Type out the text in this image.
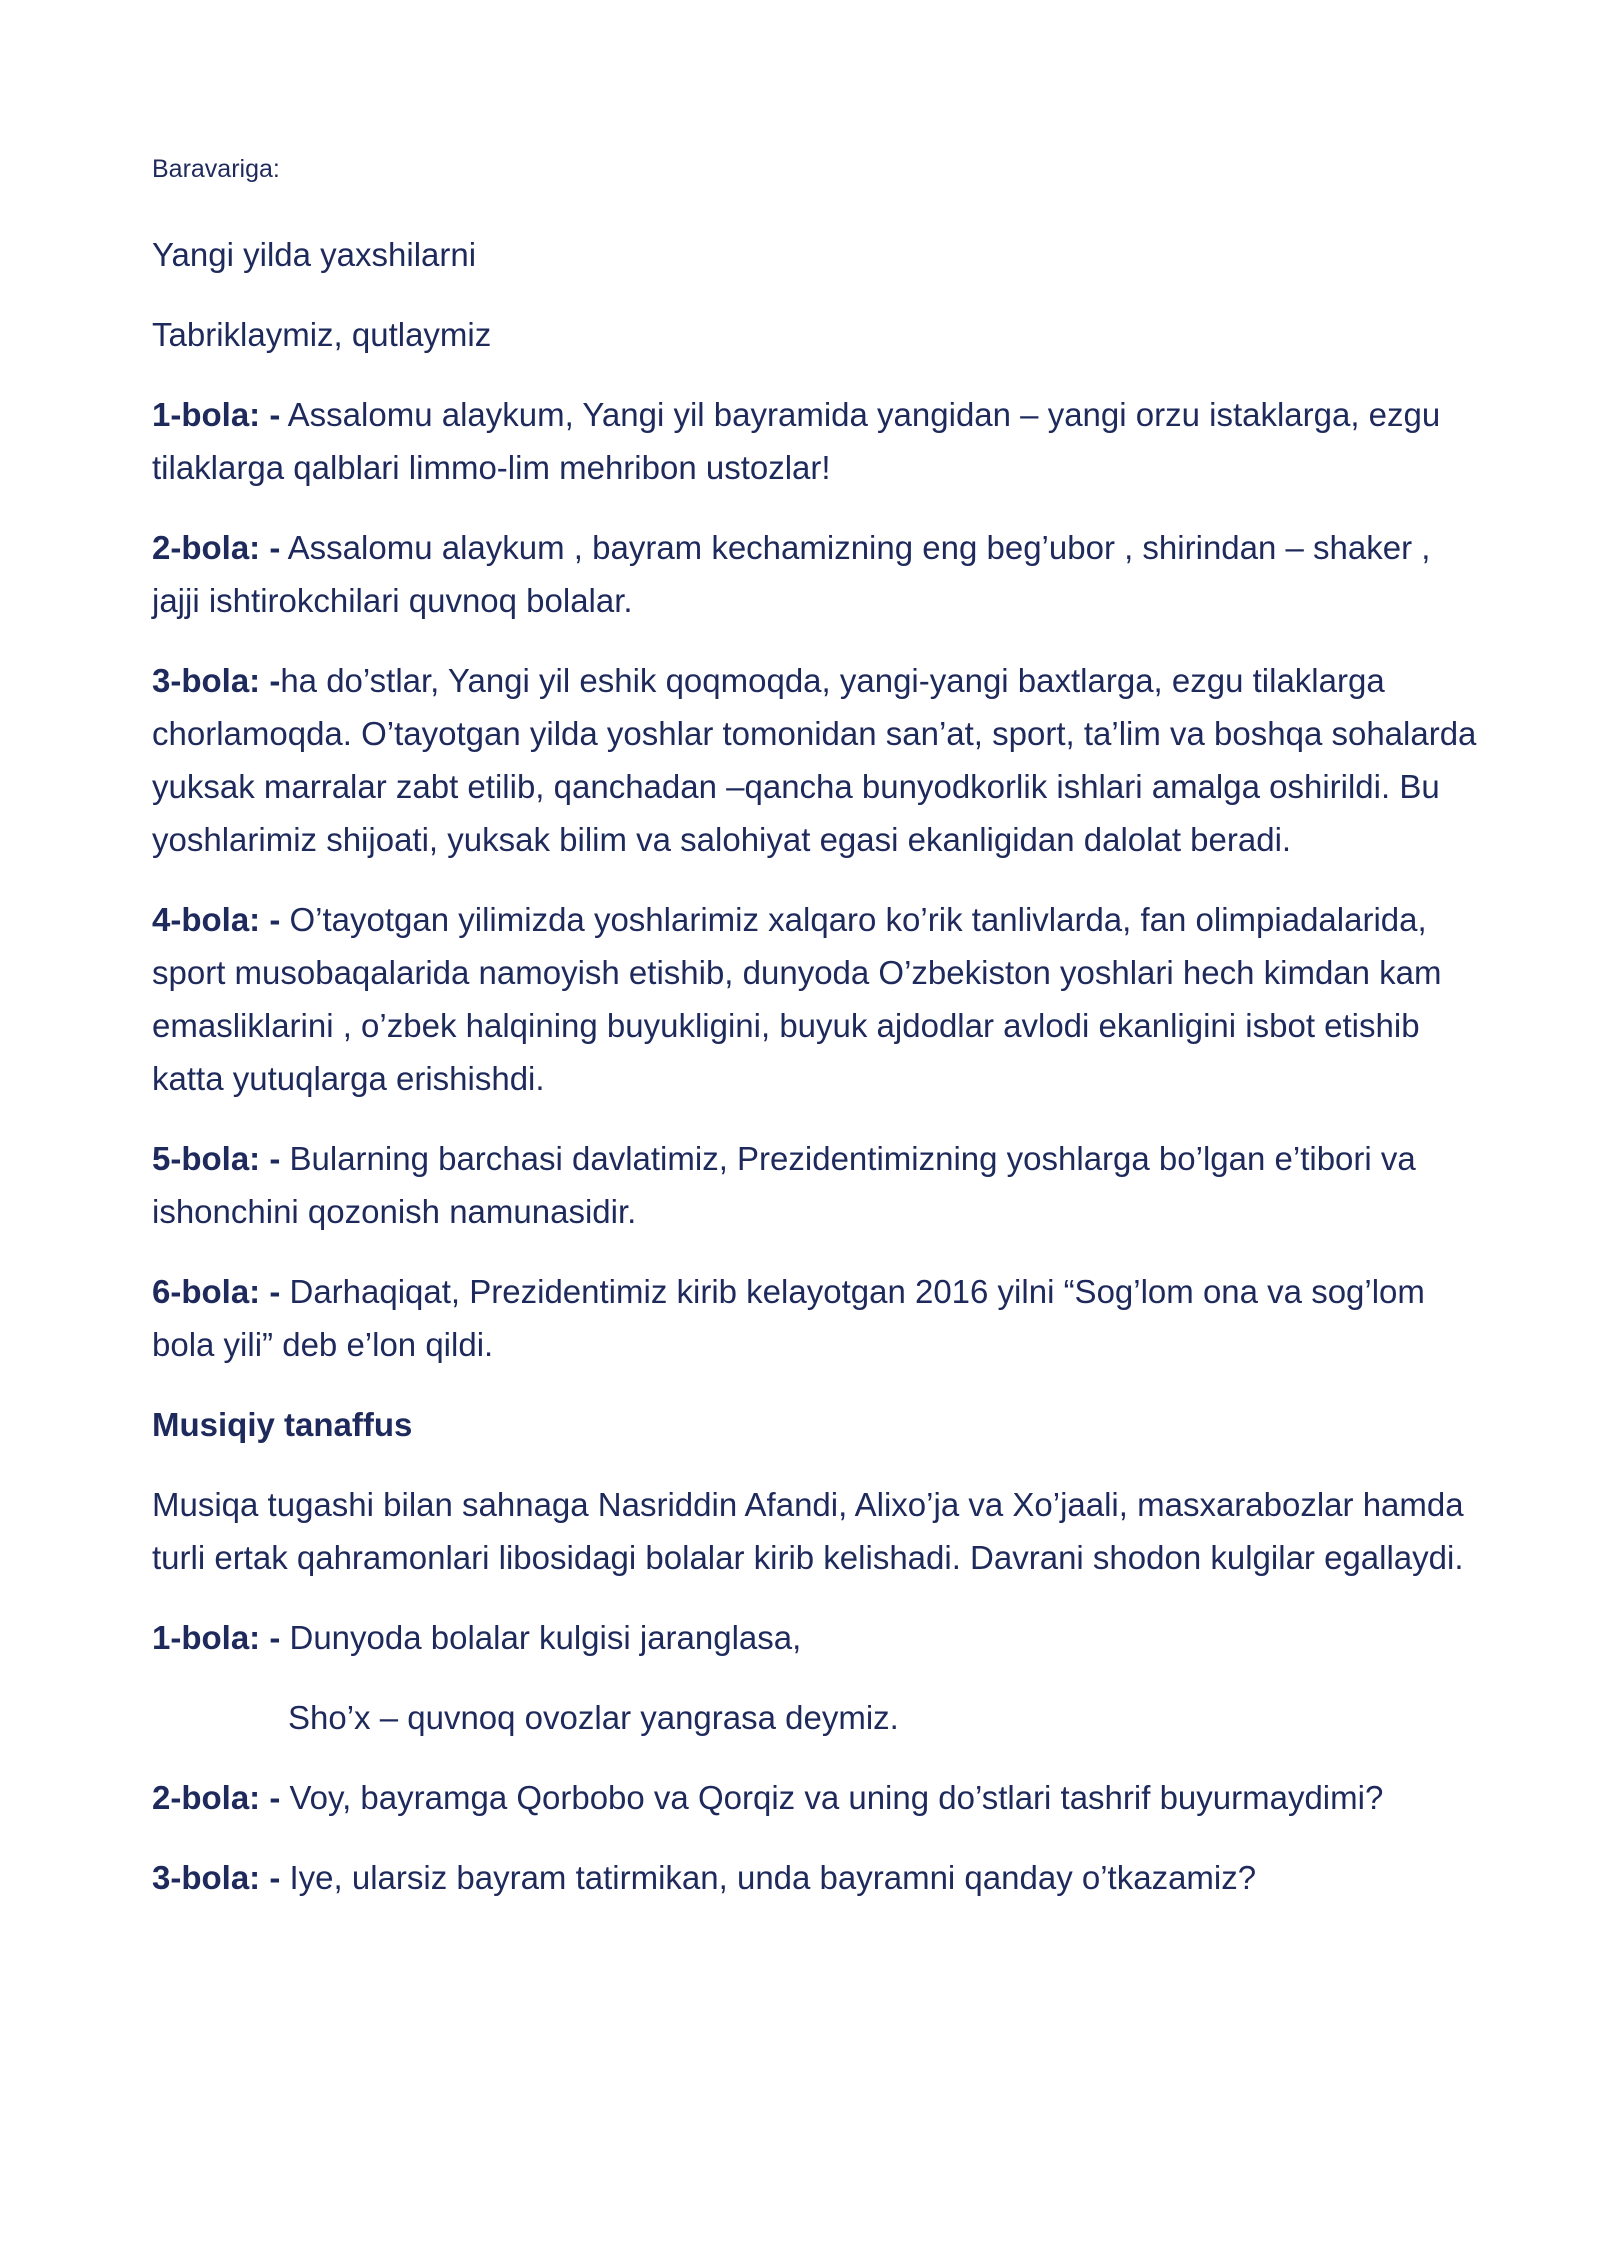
Baravariga:

Yangi yilda yaxshilarni

Tabriklaymiz, qutlaymiz

1-bola: - Assalomu alaykum, Yangi yil bayramida yangidan – yangi orzu istaklarga, ezgu tilaklarga qalblari limmo-lim mehribon ustozlar!

2-bola: - Assalomu alaykum , bayram kechamizning eng beg’ubor , shirindan – shaker , jajji ishtirokchilari quvnoq bolalar.

3-bola: -ha do’stlar, Yangi yil eshik qoqmoqda, yangi-yangi baxtlarga, ezgu tilaklarga chorlamoqda. O’tayotgan yilda yoshlar tomonidan san’at, sport, ta’lim va boshqa sohalarda yuksak marralar zabt etilib, qanchadan –qancha bunyodkorlik ishlari amalga oshirildi. Bu yoshlarimiz shijoati, yuksak bilim va salohiyat egasi ekanligidan dalolat beradi.

4-bola: - O’tayotgan yilimizda yoshlarimiz xalqaro ko’rik tanlivlarda, fan olimpiadalarida, sport musobaqalarida namoyish etishib, dunyoda O’zbekiston yoshlari hech kimdan kam emasliklarini , o’zbek halqining buyukligini, buyuk ajdodlar avlodi ekanligini isbot etishib katta yutuqlarga erishishdi.

5-bola: - Bularning barchasi davlatimiz, Prezidentimizning yoshlarga bo’lgan e’tibori va ishonchini qozonish namunasidir.

6-bola: - Darhaqiqat, Prezidentimiz kirib kelayotgan 2016 yilni “Sog’lom ona va sog’lom bola yili” deb e’lon qildi.

Musiqiy tanaffus

Musiqa tugashi bilan sahnaga Nasriddin Afandi, Alixo’ja va Xo’jaali, masxarabozlar hamda turli ertak qahramonlari libosidagi bolalar kirib kelishadi. Davrani shodon kulgilar egallaydi.

1-bola: - Dunyoda bolalar kulgisi jaranglasa,

Sho’x – quvnoq ovozlar yangrasa deymiz.

2-bola: - Voy, bayramga Qorbobo va Qorqiz va uning do’stlari tashrif buyurmaydimi?

3-bola: - Iye, ularsiz bayram tatirmikan, unda bayramni qanday o’tkazamiz?
